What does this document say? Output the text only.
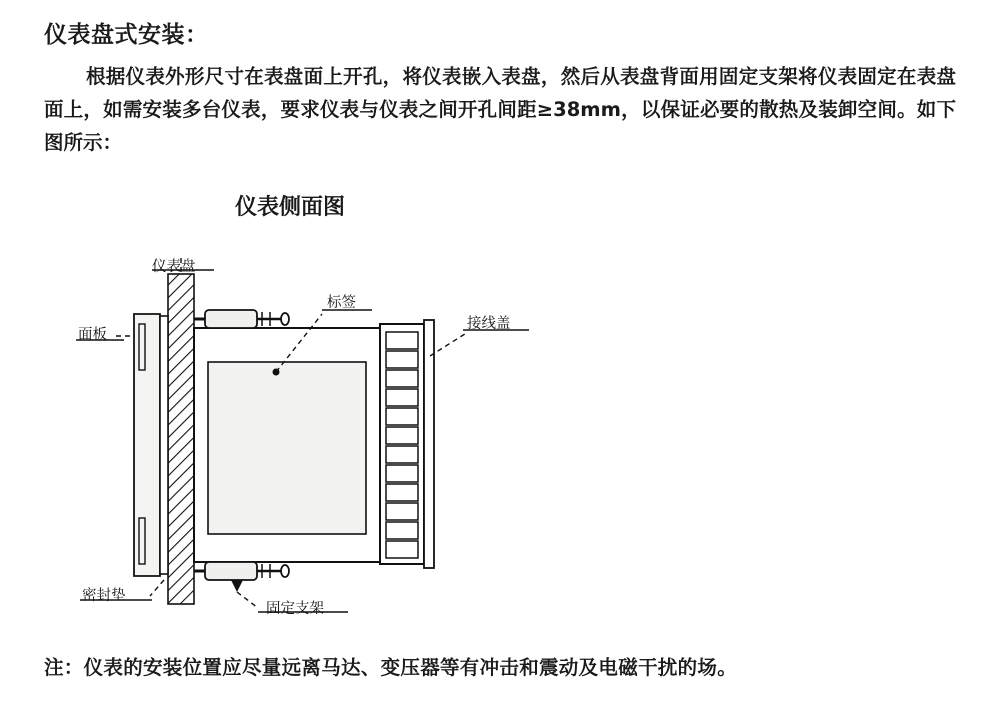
仪表盘式安装：
根据仪表外形尺寸在表盘面上开孔，将仪表嵌入表盘，然后从表盘背面用固定支架将仪表固定在表盘面上，如需安装多台仪表，要求仪表与仪表之间开孔间距≥38mm，以保证必要的散热及装卸空间。如下图所示：
仪表侧面图
仪表盘
面板
标签
接线盖
密封垫
固定支架
注：仪表的安装位置应尽量远离马达、变压器等有冲击和震动及电磁干扰的场。
